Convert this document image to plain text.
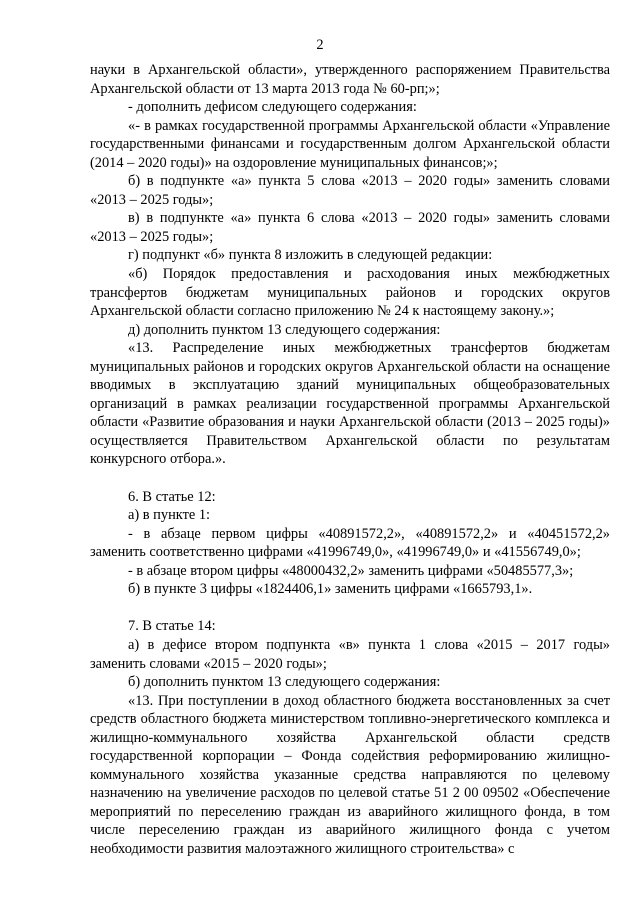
2

науки в Архангельской области», утвержденного распоряжением Правительства Архангельской области от 13 марта 2013 года № 60-рп;»;

- дополнить дефисом следующего содержания:

«- в рамках государственной программы Архангельской области «Управление государственными финансами и государственным долгом Архангельской области (2014 – 2020 годы)» на оздоровление муниципальных финансов;»;

б) в подпункте «а» пункта 5 слова «2013 – 2020 годы» заменить словами «2013 – 2025 годы»;

в) в подпункте «а» пункта 6 слова «2013 – 2020 годы» заменить словами «2013 – 2025 годы»;

г) подпункт «б» пункта 8 изложить в следующей редакции:

«б) Порядок предоставления и расходования иных межбюджетных трансфертов бюджетам муниципальных районов и городских округов Архангельской области согласно приложению № 24 к настоящему закону.»;

д) дополнить пунктом 13 следующего содержания:

«13. Распределение иных межбюджетных трансфертов бюджетам муниципальных районов и городских округов Архангельской области на оснащение вводимых в эксплуатацию зданий муниципальных общеобразовательных организаций в рамках реализации государственной программы Архангельской области «Развитие образования и науки Архангельской области (2013 – 2025 годы)» осуществляется Правительством Архангельской области по результатам конкурсного отбора.».

6. В статье 12:

а) в пункте 1:

- в абзаце первом цифры «40891572,2», «40891572,2» и «40451572,2» заменить соответственно цифрами «41996749,0», «41996749,0» и «41556749,0»;

- в абзаце втором цифры «48000432,2» заменить цифрами «50485577,3»;

б) в пункте 3 цифры «1824406,1» заменить цифрами «1665793,1».

7. В статье 14:

а) в дефисе втором подпункта «в» пункта 1 слова «2015 – 2017 годы» заменить словами «2015 – 2020 годы»;

б) дополнить пунктом 13 следующего содержания:

«13. При поступлении в доход областного бюджета восстановленных за счет средств областного бюджета министерством топливно-энергетического комплекса и жилищно-коммунального хозяйства Архангельской области средств государственной корпорации – Фонда содействия реформированию жилищно-коммунального хозяйства указанные средства направляются по целевому назначению на увеличение расходов по целевой статье 51 2 00 09502 «Обеспечение мероприятий по переселению граждан из аварийного жилищного фонда, в том числе переселению граждан из аварийного жилищного фонда с учетом необходимости развития малоэтажного жилищного строительства» с
